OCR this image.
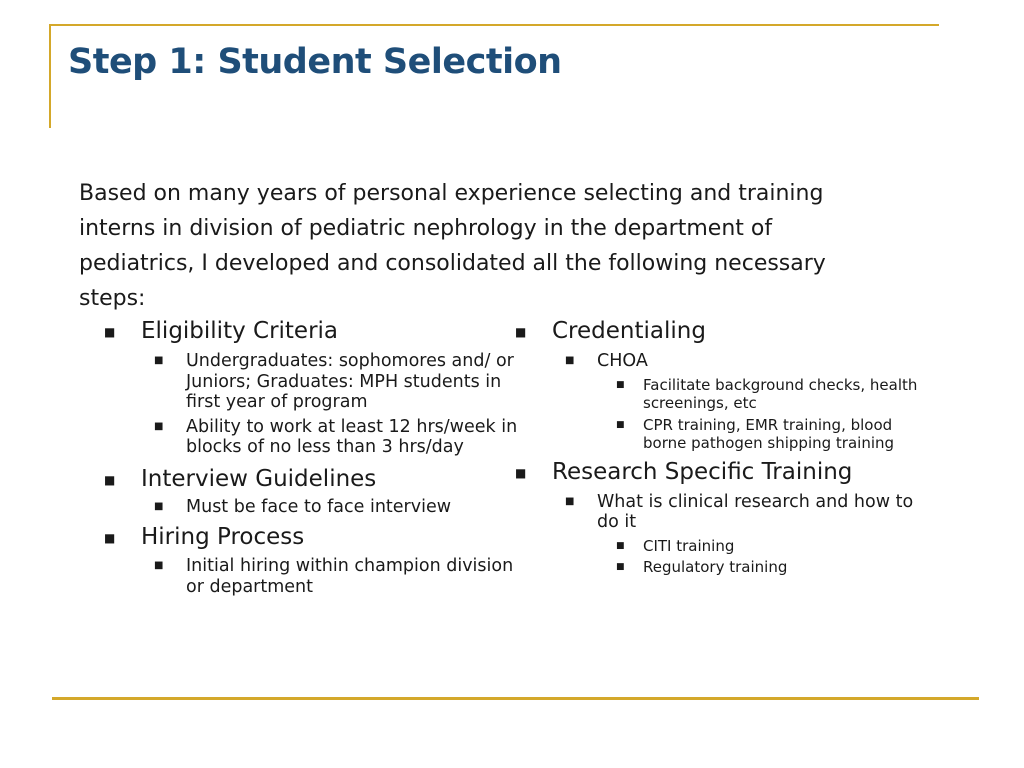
Step 1: Student Selection

Based on many years of personal experience selecting and training interns in division of pediatric nephrology in the department of pediatrics, I developed and consolidated all the following necessary steps:

■ Eligibility Criteria
■ Undergraduates: sophomores and/ or Juniors; Graduates: MPH students in first year of program
■ Ability to work at least 12 hrs/week in blocks of no less than 3 hrs/day
■ Interview Guidelines
■ Must be face to face interview
■ Hiring Process
■ Initial hiring within champion division or department
■ Credentialing
■ CHOA
■ Facilitate background checks, health screenings, etc
■ CPR training, EMR training, blood borne pathogen shipping training
■ Research Specific Training
■ What is clinical research and how to do it
■ CITI training
■ Regulatory training
